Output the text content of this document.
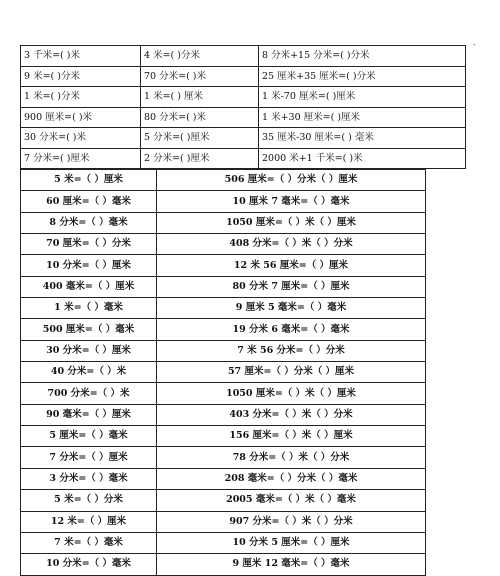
-
3 千米=( )米	4 米=( )分米	8 分米+15 分米=( )分米
9 米=( )分米	70 分米=( )米	25 厘米+35 厘米=( )分米
1 米=( )分米	1 米=( ) 厘米	1 米-70 厘米=( )厘米
900 厘米=( )米	80 分米=( )米	1 米+30 厘米=( )厘米
30 分米=( )米	5 分米=( )厘米	35 厘米-30 厘米=( ) 毫米
7 分米=( )厘米	2 分米=( )厘米	2000 米+1 千米=( )米
5 米=（ ）厘米	506 厘米=（ ）分米（ ）厘米
60 厘米=（ ）毫米	10 厘米 7 毫米=（ ）毫米
8 分米=（ ）毫米	1050 厘米=（ ）米（ ）厘米
70 厘米=（ ）分米	408 分米=（ ）米（ ）分米
10 分米=（ ）厘米	12 米 56 厘米=（ ）厘米
400 毫米=（ ）厘米	80 分米 7 厘米=（ ）厘米
1 米=（ ）毫米	9 厘米 5 毫米=（ ）毫米
500 厘米=（ ）毫米	19 分米 6 毫米=（ ）毫米
30 分米=（ ）厘米	7 米 56 分米=（ ）分米
40 分米=（ ）米	57 厘米=（ ）分米（ ）厘米
700 分米=（ ）米	1050 厘米=（ ）米（ ）厘米
90 毫米=（ ）厘米	403 分米=（ ）米（ ）分米
5 厘米=（ ）毫米	156 厘米=（ ）米（ ）厘米
7 分米=（ ）厘米	78 分米=（ ）米（ ）分米
3 分米=（ ）毫米	208 毫米=（ ）分米（ ）毫米
5 米=（ ）分米	2005 毫米=（ ）米（ ）毫米
12 米=（ ）厘米	907 分米=（ ）米（ ）分米
7 米=（ ）毫米	10 分米 5 厘米=（ ）厘米
10 分米=（ ）毫米	9 厘米 12 毫米=（ ）毫米
